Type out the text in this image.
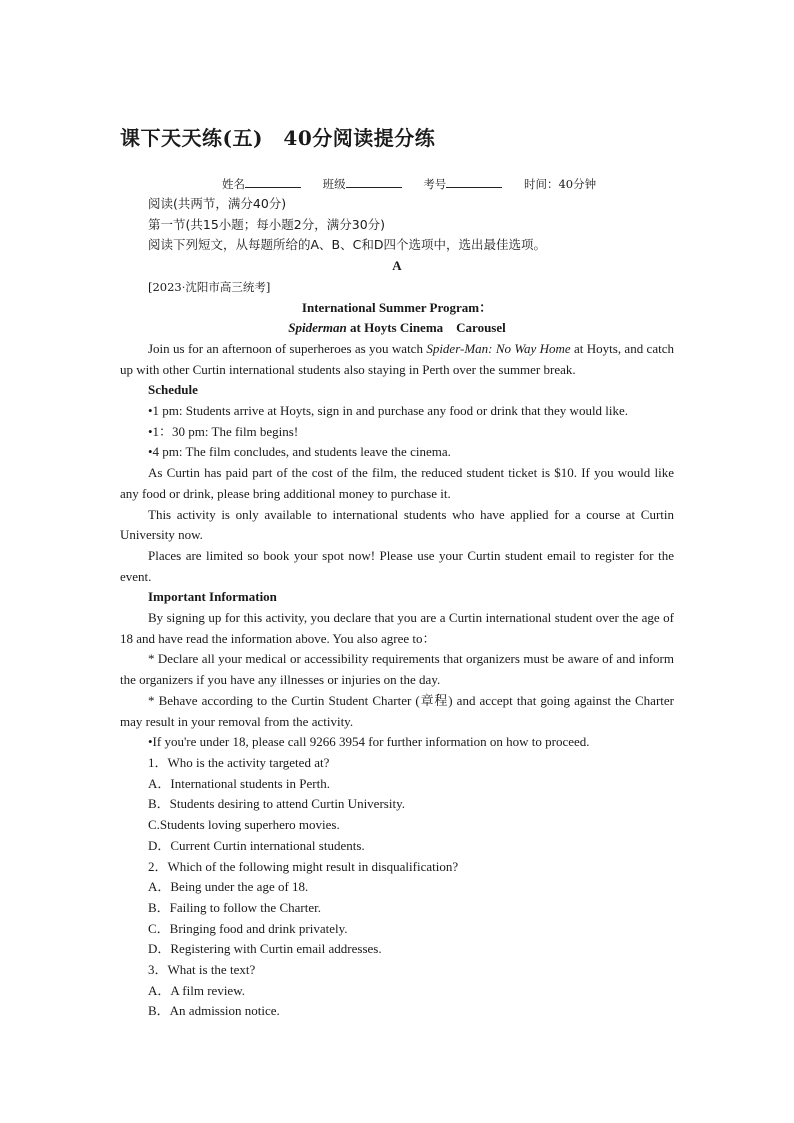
课下天天练(五)　40分阅读提分练
姓名	班级	考号	时间：40分钟

阅读(共两节，满分40分)

第一节(共15小题；每小题2分，满分30分)

阅读下列短文，从每题所给的A、B、C和D四个选项中，选出最佳选项。

A

[2023·沈阳市高三统考]

International Summer Program：

Spiderman at Hoyts Cinema　Carousel

Join us for an afternoon of superheroes as you watch Spider-Man: No Way Home at Hoyts, and catch up with other Curtin international students also staying in Perth over the summer break.

Schedule

•1 pm: Students arrive at Hoyts, sign in and purchase any food or drink that they would like.

•1：30 pm: The film begins!

•4 pm: The film concludes, and students leave the cinema.

As Curtin has paid part of the cost of the film, the reduced student ticket is $10. If you would like any food or drink, please bring additional money to purchase it.

This activity is only available to international students who have applied for a course at Curtin University now.

Places are limited so book your spot now! Please use your Curtin student email to register for the event.

Important Information

By signing up for this activity, you declare that you are a Curtin international student over the age of 18 and have read the information above. You also agree to：

* Declare all your medical or accessibility requirements that organizers must be aware of and inform the organizers if you have any illnesses or injuries on the day.

* Behave according to the Curtin Student Charter (章程) and accept that going against the Charter may result in your removal from the activity.

•If you're under 18, please call 9266 3954 for further information on how to proceed.

1．Who is the activity targeted at?

A．International students in Perth.

B．Students desiring to attend Curtin University.

C.Students loving superhero movies.

D．Current Curtin international students.

2．Which of the following might result in disqualification?

A．Being under the age of 18.

B．Failing to follow the Charter.

C．Bringing food and drink privately.

D．Registering with Curtin email addresses.

3．What is the text?

A．A film review.

B．An admission notice.
